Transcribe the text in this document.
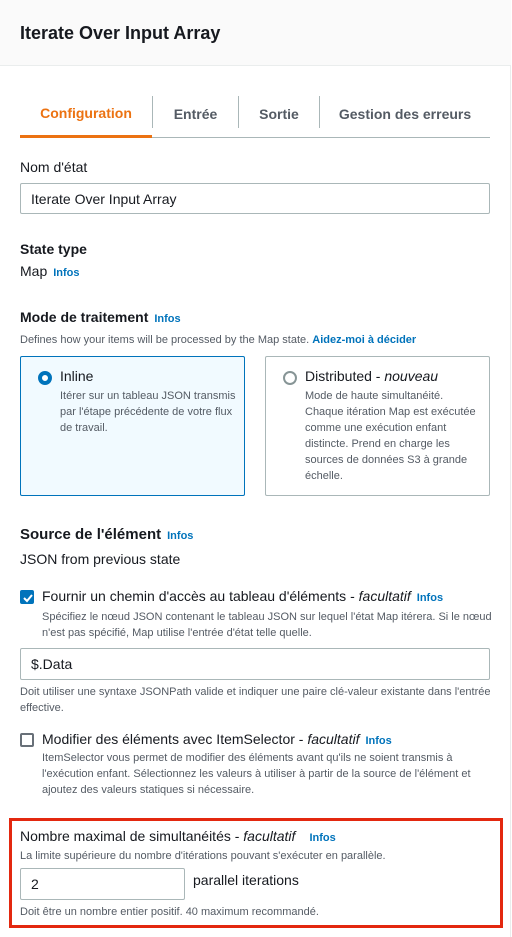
Iterate Over Input Array
Configuration	Entrée	Sortie	Gestion des erreurs
Nom d'état
Iterate Over Input Array
State type
Map Infos
Mode de traitement Infos
Defines how your items will be processed by the Map state. Aidez-moi à décider
Inline
Itérer sur un tableau JSON transmis par l'étape précédente de votre flux de travail.
Distributed - nouveau
Mode de haute simultanéité. Chaque itération Map est exécutée comme une exécution enfant distincte. Prend en charge les sources de données S3 à grande échelle.
Source de l'élément Infos
JSON from previous state
Fournir un chemin d'accès au tableau d'éléments - facultatif Infos
Spécifiez le nœud JSON contenant le tableau JSON sur lequel l'état Map itérera. Si le nœud n'est pas spécifié, Map utilise l'entrée d'état telle quelle.
$.Data
Doit utiliser une syntaxe JSONPath valide et indiquer une paire clé-valeur existante dans l'entrée effective.
Modifier des éléments avec ItemSelector - facultatif Infos
ItemSelector vous permet de modifier des éléments avant qu'ils ne soient transmis à l'exécution enfant. Sélectionnez les valeurs à utiliser à partir de la source de l'élément et ajoutez des valeurs statiques si nécessaire.
Nombre maximal de simultanéités - facultatif Infos
La limite supérieure du nombre d'itérations pouvant s'exécuter en parallèle.
2	parallel iterations
Doit être un nombre entier positif. 40 maximum recommandé.
